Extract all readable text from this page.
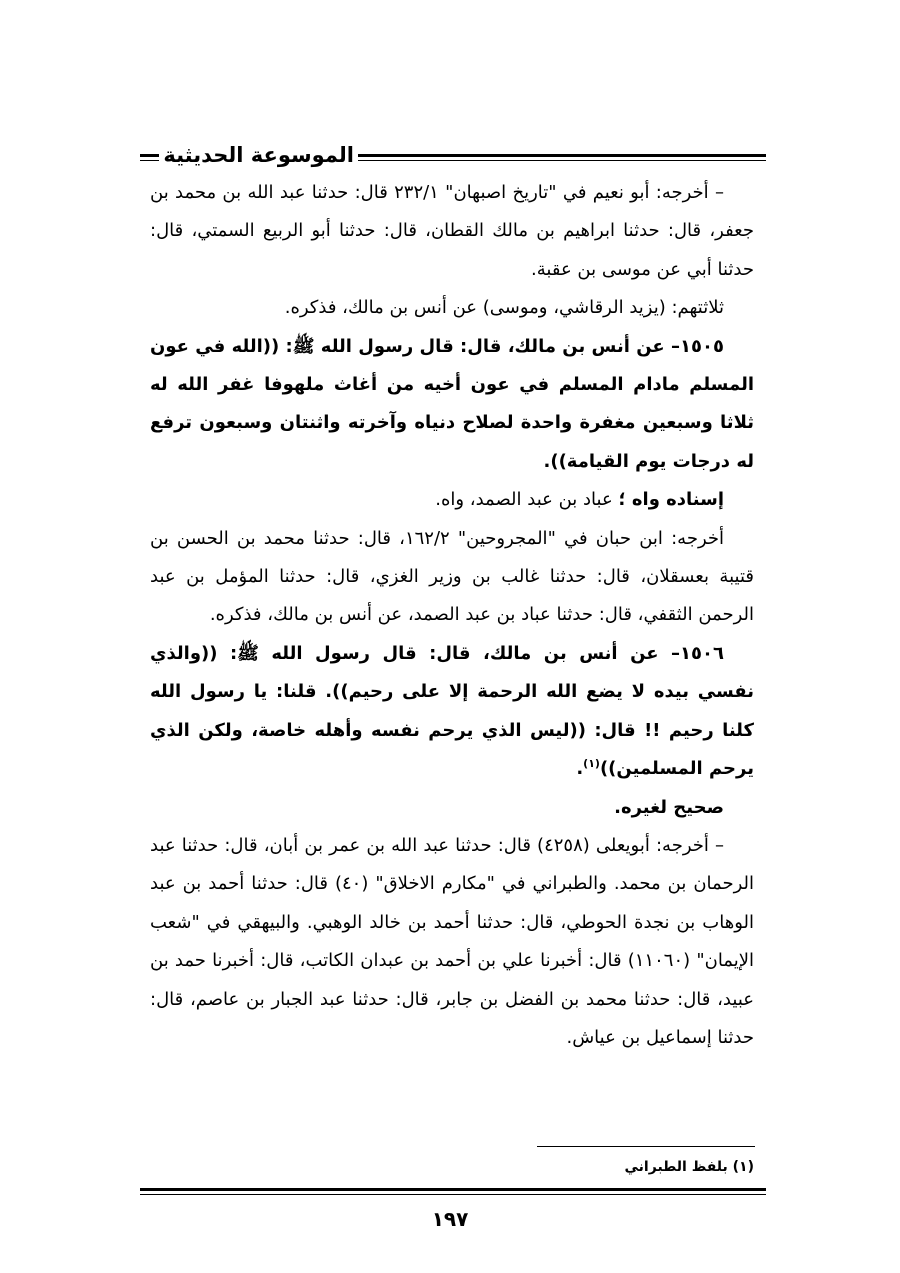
الموسوعة الحديثية

– أخرجه: أبو نعيم في "تاريخ اصبهان" ٢٣٢/١ قال: حدثنا عبد الله بن محمد بن جعفر، قال: حدثنا ابراهيم بن مالك القطان، قال: حدثنا أبو الربيع السمتي، قال: حدثنا أبي عن موسى بن عقبة.

ثلاثتهم: (يزيد الرقاشي، وموسى) عن أنس بن مالك، فذكره.

١٥٠٥– عن أنس بن مالك، قال: قال رسول الله ﷺ: ((الله في عون المسلم مادام المسلم في عون أخيه من أغاث ملهوفا غفر الله له ثلاثا وسبعين مغفرة واحدة لصلاح دنياه وآخرته واثنتان وسبعون ترفع له درجات يوم القيامة)).

إسناده واه ؛ عباد بن عبد الصمد، واه.

أخرجه: ابن حبان في "المجروحين" ١٦٢/٢، قال: حدثنا محمد بن الحسن بن قتيبة بعسقلان، قال: حدثنا غالب بن وزير الغزي، قال: حدثنا المؤمل بن عبد الرحمن الثقفي، قال: حدثنا عباد بن عبد الصمد، عن أنس بن مالك، فذكره.

١٥٠٦– عن أنس بن مالك، قال: قال رسول الله ﷺ: ((والذي نفسي بيده لا يضع الله الرحمة إلا على رحيم)). قلنا: يا رسول الله كلنا رحيم !! قال: ((ليس الذي يرحم نفسه وأهله خاصة، ولكن الذي يرحم المسلمين))$^{(١)}$.

صحيح لغيره.

– أخرجه: أبويعلى (٤٢٥٨) قال: حدثنا عبد الله بن عمر بن أبان، قال: حدثنا عبد الرحمان بن محمد. والطبراني في "مكارم الاخلاق" (٤٠) قال: حدثنا أحمد بن عبد الوهاب بن نجدة الحوطي، قال: حدثنا أحمد بن خالد الوهبي. والبيهقي في "شعب الإيمان" (١١٠٦٠) قال: أخبرنا علي بن أحمد بن عبدان الكاتب، قال: أخبرنا حمد بن عبيد، قال: حدثنا محمد بن الفضل بن جابر، قال: حدثنا عبد الجبار بن عاصم، قال: حدثنا إسماعيل بن عياش.

(١) بلفظ الطبراني
١٩٧
